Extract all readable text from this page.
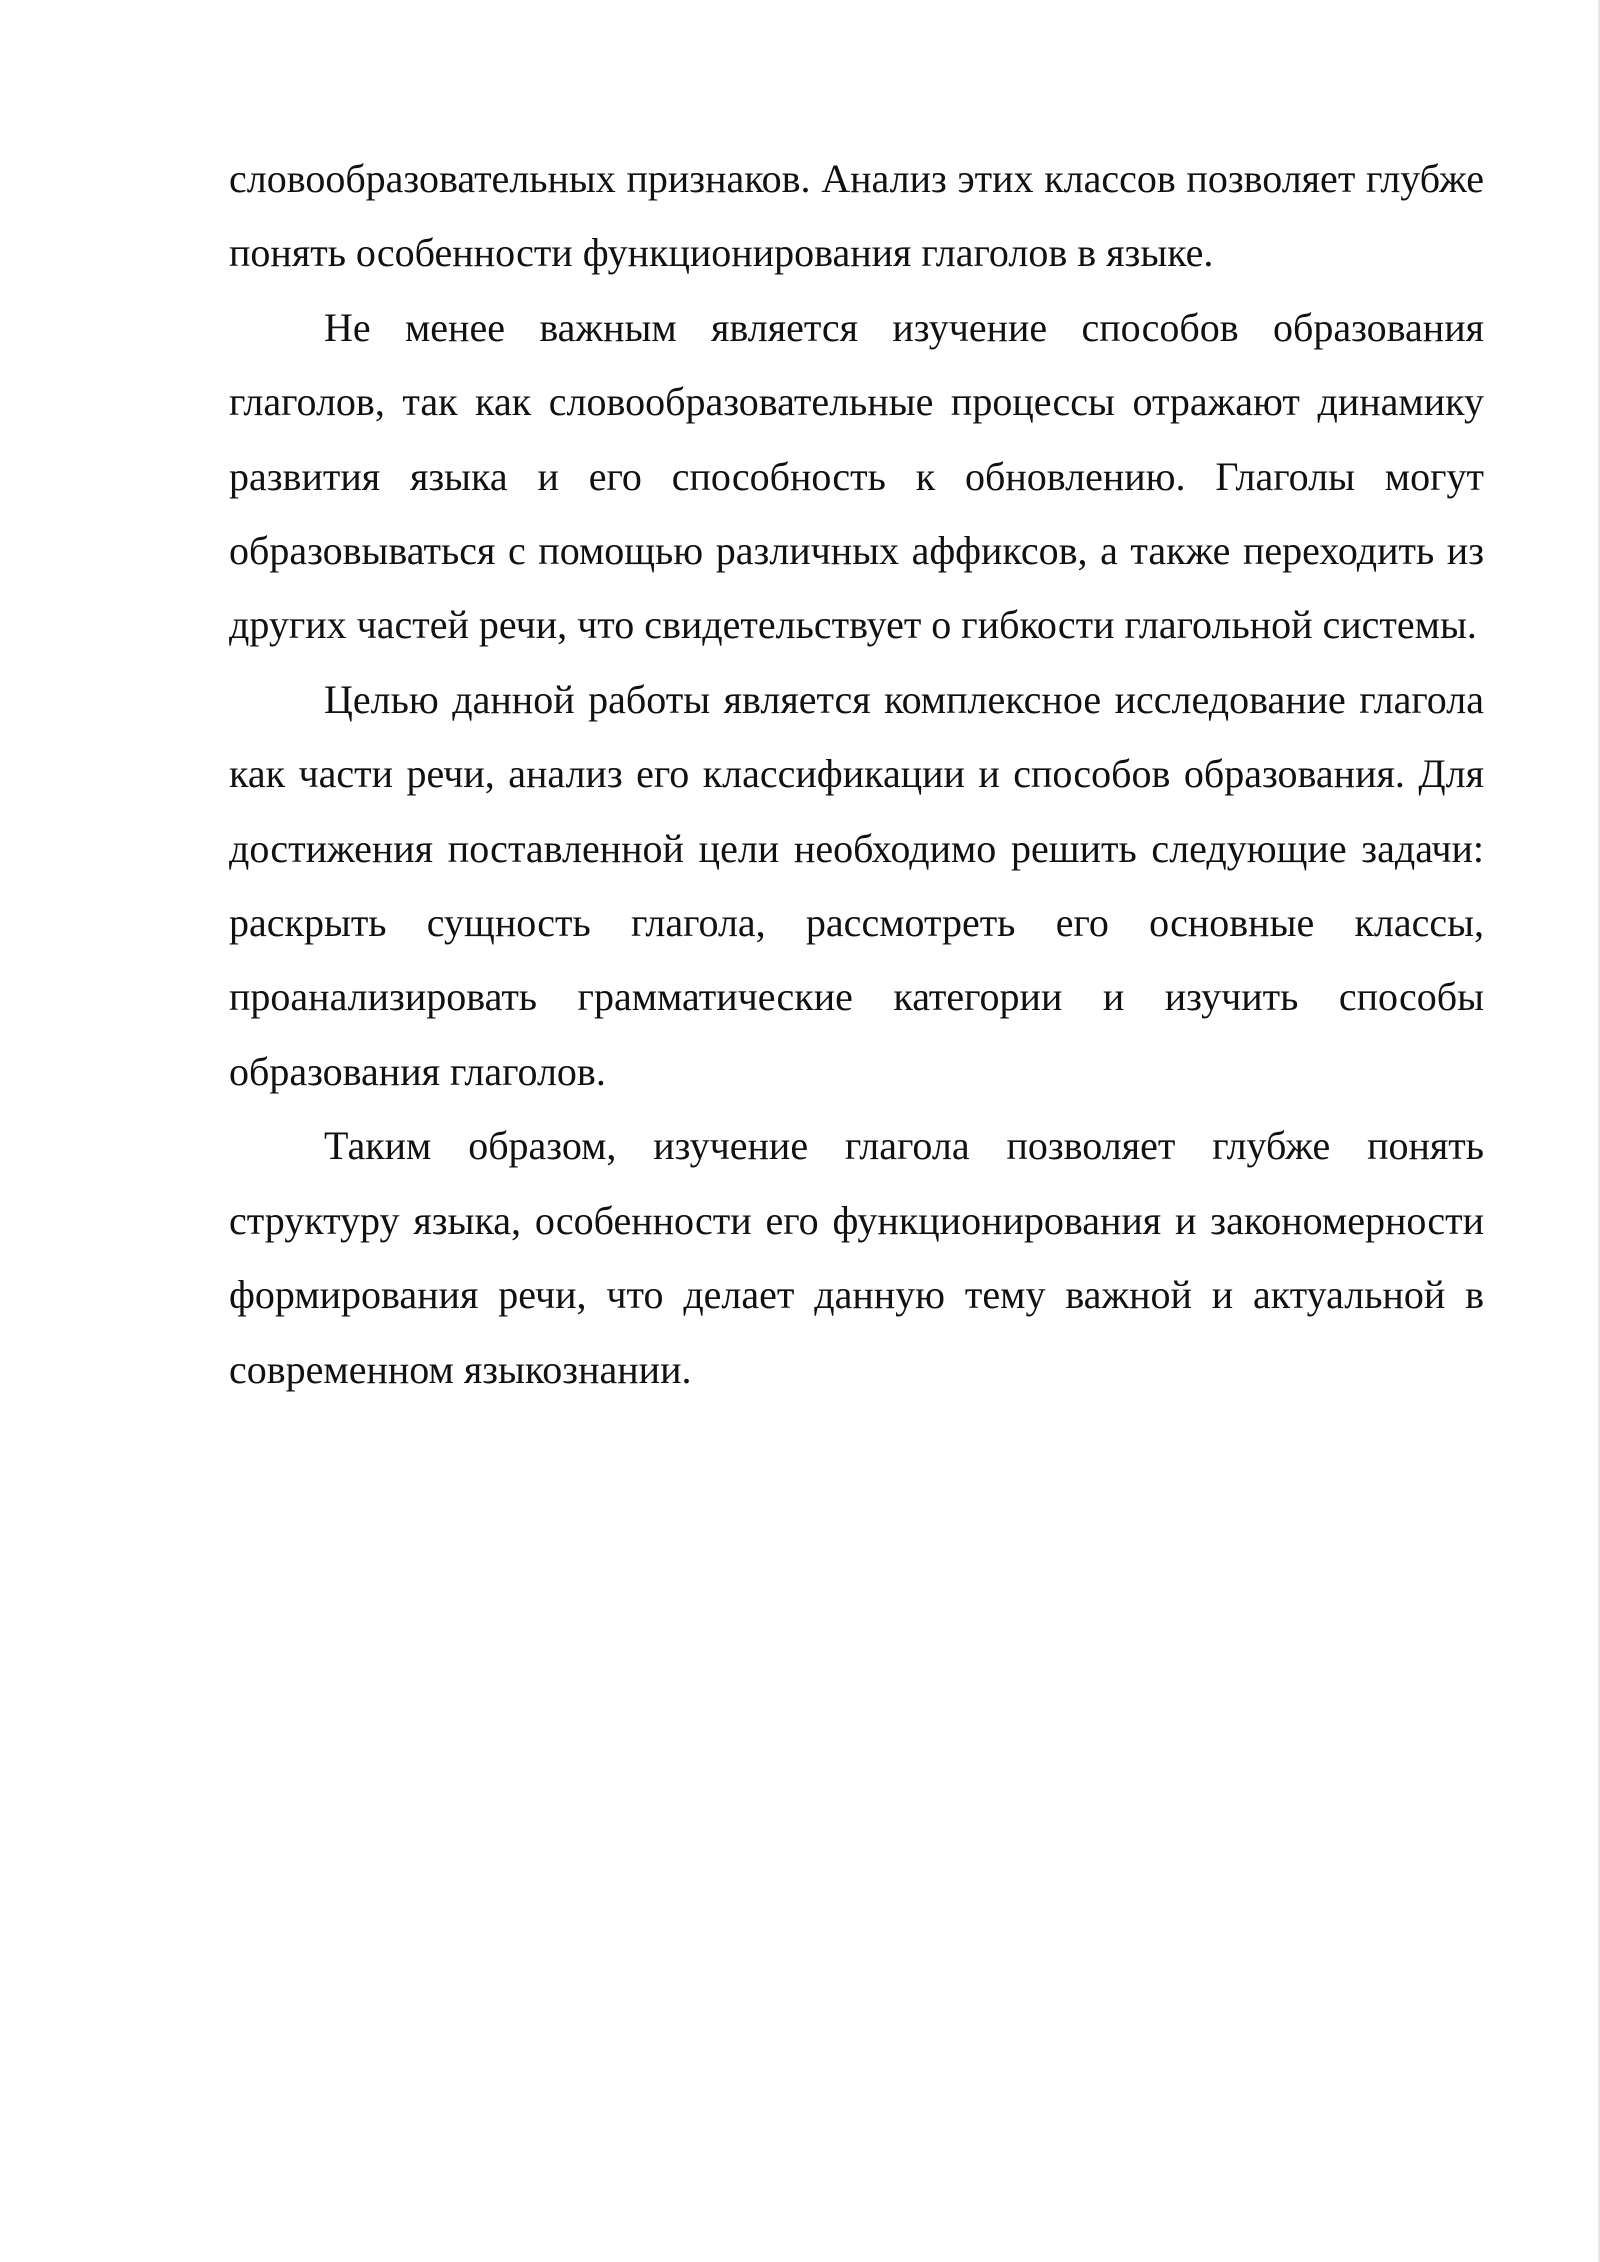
словообразовательных признаков. Анализ этих классов позволяет глубже понять особенности функционирования глаголов в языке.

Не менее важным является изучение способов образования глаголов, так как словообразовательные процессы отражают динамику развития языка и его способность к обновлению. Глаголы могут образовываться с помощью различных аффиксов, а также переходить из других частей речи, что свидетельствует о гибкости глагольной системы.

Целью данной работы является комплексное исследование глагола как части речи, анализ его классификации и способов образования. Для достижения поставленной цели необходимо решить следующие задачи: раскрыть сущность глагола, рассмотреть его основные классы, проанализировать грамматические категории и изучить способы образования глаголов.

Таким образом, изучение глагола позволяет глубже понять структуру языка, особенности его функционирования и закономерности формирования речи, что делает данную тему важной и актуальной в современном языкознании.
